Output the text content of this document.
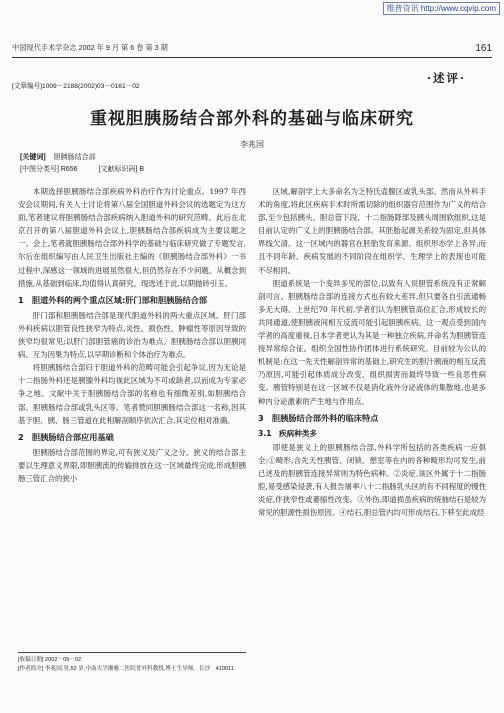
维普资讯 http://www.cqvip.com
中国现代手术学杂志 2002 年 9 月 第 6 卷 第 3 期	161
·述评·
[文章编号]1009－2188(2002)03－0161－02
重视胆胰肠结合部外科的基础与临床研究
李兆国
[关键词] 胆胰肠结合部
[中图分类号] R656　　　[文献标识码] B

本期选择胆胰肠结合部疾病外科治疗作为讨论重点。1997 年西安会议期间,有关人士讨论将第八届全国胆道外科会议的选题定为这方面,笔者建议将胆胰肠结合部疾病纳入胆道外科的研究范畴。此后在北京召开的第八届胆道外科会议上,胆胰肠结合部疾病成为主要议题之一。会上,笔者就胆胰肠结合部外科学的基础与临床研究做了专题发言,尔后在组织编写由人民卫生出版社主编的《胆胰肠结合部外科》一书过程中,深感这一领域的进展虽然很大,但仍然存在不少问题。从概念到措施,从基础到临床,均值得认真研究。现选述于此,以期抛砖引玉。

1　胆道外科的两个重点区域:肝门部和胆胰肠结合部

肝门部和胆胰肠结合部是现代胆道外科的两大重点区域。肝门部外科疾病以胆管良性狭窄为特点,炎性、损伤性、肿瘤性等原因导致的狭窄均很常见;以肝门部胆管癌的诊治为难点。胆胰肠结合部以胆胰同病、互为因果为特点,以早期诊断和个体治疗为难点。

将胆胰肠结合部归于胆道外科的范畴可能会引起争议,因为无论是十二指肠外科还是胰腺外科均视此区域为不可或缺者,以而成为专家必争之地。文献中关于胆胰肠结合部的名称也有细微差别,如胆胰结合部、胆胰肠结合部或乳头区等。笔者赞同胆胰肠结合部这一名称,因其基于胆、胰、肠三管道在此相解剖顺序依次汇合,其定位相对准确。

2　胆胰肠结合部应用基础

胆胰肠结合部范围的界定,可有狭义及广义之分。狭义的结合部主要以生理意义界限,即胆胰流的传输排放在这一区域最终完成,形成胆胰肠三管汇合的狭小

区域,解剖学上大多命名为乏特氏壶腹区或乳头部。然而从外科手术的角度,将此区疾病手术时所需切除的组织器官范围作为广义的结合部,至少包括胰头、胆总管下段、十二指肠降部及胰头周围软组织,这是目前认定的广义上的胆胰肠结合部。其胚胎起源关系较为固定,但具体界线欠清。这一区域内的器官在胚胎发育来源、组织形态学上各异,而且不同年龄、疾病发展的不同阶段在组织学、生理学上的表现也可能不尽相同。

胆道系统是一个变异多见的部位,以致有人说胆管系统没有正常解剖可言。胆胰肠结合部的连接方式也有较大差异,但只要各自引流通畅多无大碍。上世纪70 年代初,学者们认为胆胰管高位汇合,形成较长的共同通道,使胆胰液间相互反流可能引起胆胰疾病。这一观点受到国内学者的高度重视,日本学者更认为其是一种独立疾病,并命名为胆胰管连接异常综合征。组织全国性协作团体进行系统研究。目前较为公认的机制是:在这一先天性解剖异常的基础上,研究生的胆汁胰液的相互反流乃原因,可能引起体质成分改变、组织损害而最终导致一些良恶性病变。胰管特别是在这一区域不仅是消化液外分泌液体的集散地,也是多种内分泌激素的产生地与作用点。

3　胆胰肠结合部外科的临床特点
3.1　疾病种类多

即使是狭义上的胆胰肠结合部,外科学所包括的各类疾病一应俱全:①畸形,含先天性胰管、闭锁、憩室等在内的各种畸形均可发生,前已述及的胆胰管连接异常则为特色病种。②炎症,该区外属于十二指肠腔,易受感染侵袭,有人报告屠率八十二指肠乳头区的有不同程度的慢性炎症,伴狭窄性或萎缩性改变。③外伤,即道损虽疾病的统抽结石是较为常见的胆源性损伤原因。④结石,胆总管内均可形成结石,下移至此成经

[收稿日期] 2002－09－02
[作者简介] 李兆国,男,52 岁,中南大学湘雅二医院普外科教授,博士生导师。长沙　410011
